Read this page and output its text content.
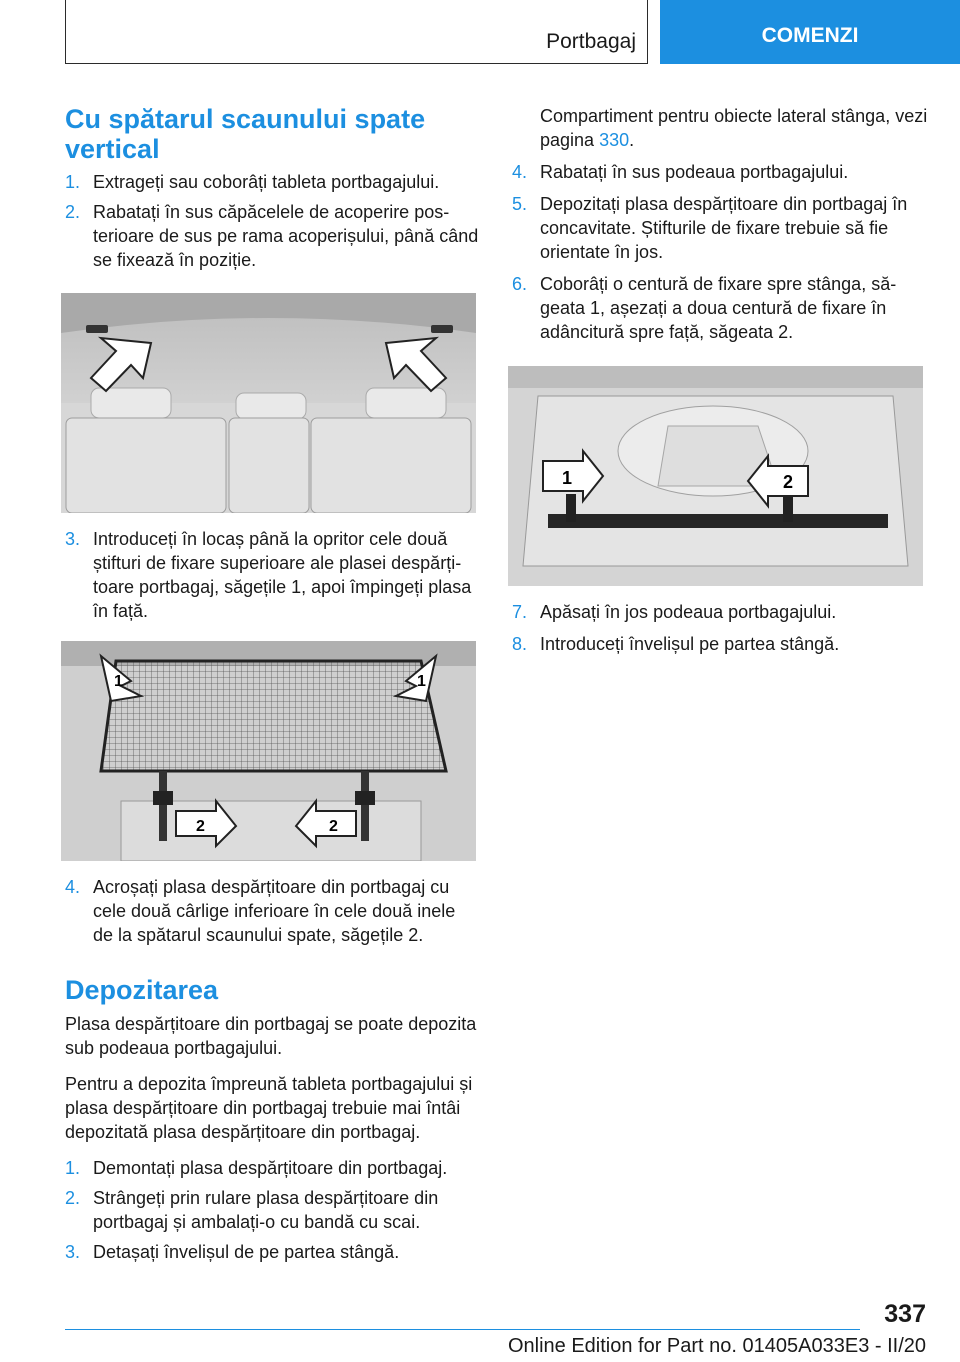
Portbagaj	COMENZI
Cu spătarul scaunului spate vertical
1. Extrageți sau coborâți tableta portbagajului.
2. Rabatați în sus căpăcelele de acoperire posterioare de sus pe rama acoperișului, până când se fixează în poziție.
3. Introduceți în locaș până la opritor cele două știfturi de fixare superioare ale plasei despărțitoare portbagaj, săgețile 1, apoi împingeți plasa în față.
1	1
2	2
4. Acroșați plasa despărțitoare din portbagaj cu cele două cârlige inferioare în cele două inele de la spătarul scaunului spate, săgețile 2.
Depozitarea

Plasa despărțitoare din portbagaj se poate depozita sub podeaua portbagajului.

Pentru a depozita împreună tableta portbagajului și plasa despărțitoare din portbagaj trebuie mai întâi depozitată plasa despărțitoare din portbagaj.

1. Demontați plasa despărțitoare din portbagaj.
2. Strângeți prin rulare plasa despărțitoare din portbagaj și ambalați-o cu bandă cu scai.
3. Detașați învelișul de pe partea stângă.
Compartiment pentru obiecte lateral stânga, vezi pagina 330.
4. Rabatați în sus podeaua portbagajului.
5. Depozitați plasa despărțitoare din portbagaj în concavitate. Știfturile de fixare trebuie să fie orientate în jos.
6. Coborâți o centură de fixare spre stânga, săgeata 1, așezați a doua centură de fixare în adâncitură spre față, săgeata 2.
1	2
7. Apăsați în jos podeaua portbagajului.
8. Introduceți învelișul pe partea stângă.
337
Online Edition for Part no. 01405A033E3 - II/20
